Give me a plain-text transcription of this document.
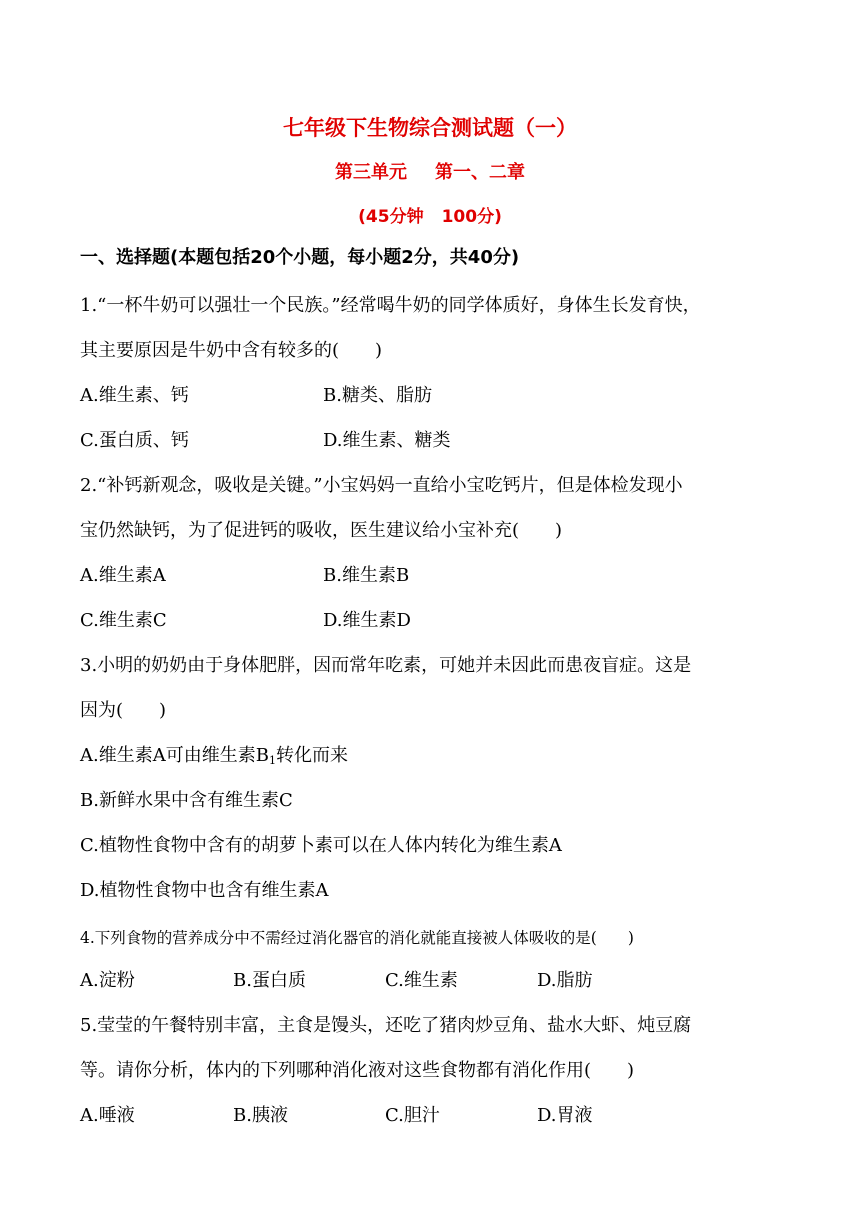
七年级下生物综合测试题（一）
第三单元 第一、二章
(45分钟 100分)
一、选择题(本题包括20个小题，每小题2分，共40分)
1.“一杯牛奶可以强壮一个民族。”经常喝牛奶的同学体质好，身体生长发育快，
其主要原因是牛奶中含有较多的(　　)
A.维生素、钙	B.糖类、脂肪
C.蛋白质、钙	D.维生素、糖类
2.“补钙新观念，吸收是关键。”小宝妈妈一直给小宝吃钙片，但是体检发现小
宝仍然缺钙，为了促进钙的吸收，医生建议给小宝补充(　　)
A.维生素A	B.维生素B
C.维生素C	D.维生素D
3.小明的奶奶由于身体肥胖，因而常年吃素，可她并未因此而患夜盲症。这是
因为(　　)
A.维生素A可由维生素$B_1$转化而来
B.新鲜水果中含有维生素C
C.植物性食物中含有的胡萝卜素可以在人体内转化为维生素A
D.植物性食物中也含有维生素A
4.下列食物的营养成分中不需经过消化器官的消化就能直接被人体吸收的是(　　)
A.淀粉	B.蛋白质	C.维生素	D.脂肪
5.莹莹的午餐特别丰富，主食是馒头，还吃了猪肉炒豆角、盐水大虾、炖豆腐
等。请你分析，体内的下列哪种消化液对这些食物都有消化作用(　　)
A.唾液	B.胰液	C.胆汁	D.胃液
